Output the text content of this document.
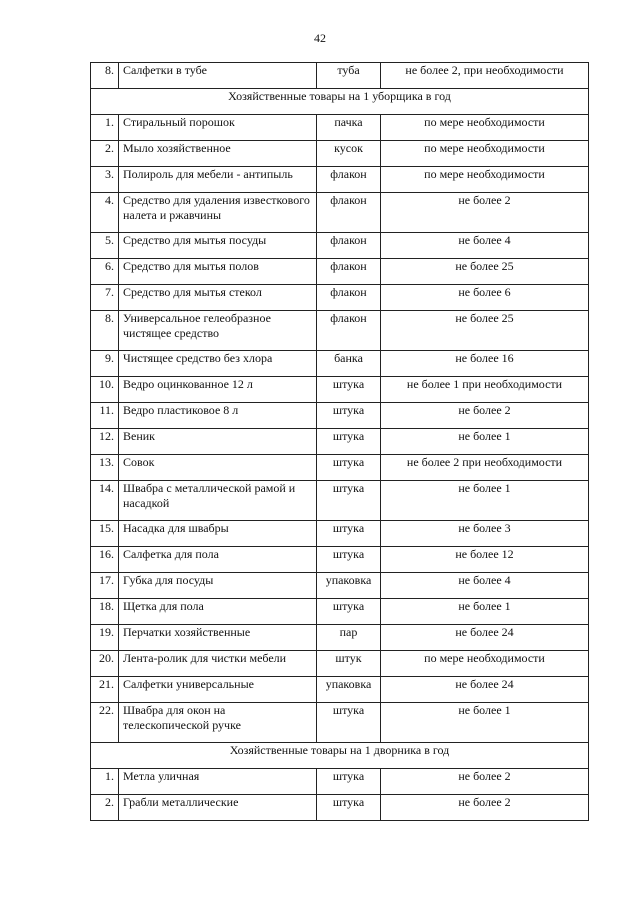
42
8.	Салфетки в тубе	туба	не более 2, при необходимости
Хозяйственные товары на 1 уборщика в год			
1.	Стиральный порошок	пачка	по мере необходимости
2.	Мыло хозяйственное	кусок	по мере необходимости
3.	Полироль для мебели - антипыль	флакон	по мере необходимости
4.	Средство для удаления известкового налета и ржавчины	флакон	не более 2
5.	Средство для мытья посуды	флакон	не более 4
6.	Средство для мытья полов	флакон	не более 25
7.	Средство для мытья стекол	флакон	не более 6
8.	Универсальное гелеобразное чистящее средство	флакон	не более 25
9.	Чистящее средство без хлора	банка	не более 16
10.	Ведро оцинкованное 12 л	штука	не более 1 при необходимости
11.	Ведро пластиковое 8 л	штука	не более 2
12.	Веник	штука	не более 1
13.	Совок	штука	не более 2 при необходимости
14.	Швабра с металлической рамой и насадкой	штука	не более 1
15.	Насадка для швабры	штука	не более 3
16.	Салфетка для пола	штука	не более 12
17.	Губка для посуды	упаковка	не более 4
18.	Щетка для пола	штука	не более 1
19.	Перчатки хозяйственные	пар	не более 24
20.	Лента-ролик для чистки мебели	штук	по мере необходимости
21.	Салфетки универсальные	упаковка	не более 24
22.	Швабра для окон на телескопической ручке	штука	не более 1
Хозяйственные товары на 1 дворника в год			
1.	Метла уличная	штука	не более 2
2.	Грабли металлические	штука	не более 2
